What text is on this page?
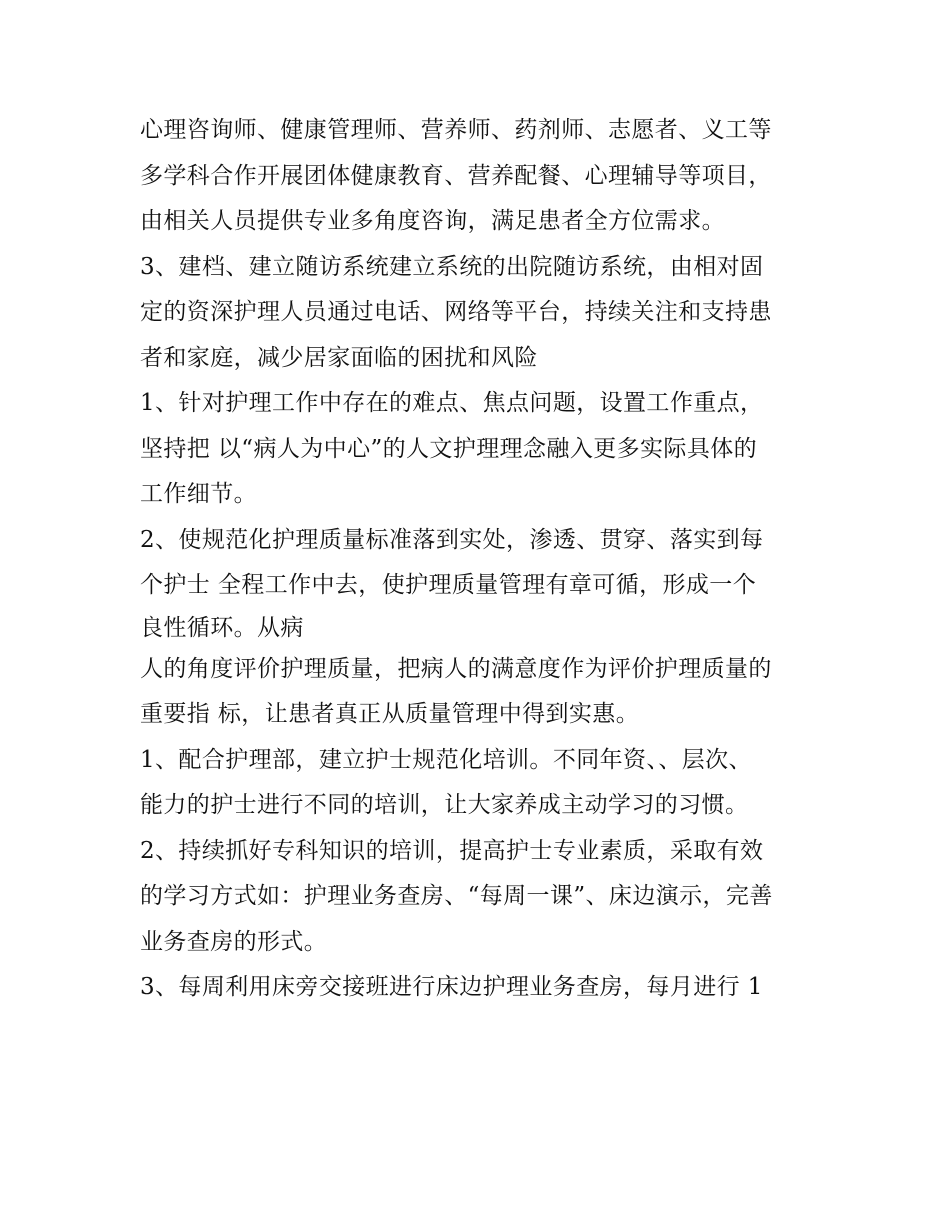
心理咨询师、健康管理师、营养师、药剂师、志愿者、义工等
多学科合作开展团体健康教育、营养配餐、心理辅导等项目，
由相关人员提供专业多角度咨询，满足患者全方位需求。
3、建档、建立随访系统建立系统的出院随访系统，由相对固
定的资深护理人员通过电话、网络等平台，持续关注和支持患
者和家庭，减少居家面临的困扰和风险
1、针对护理工作中存在的难点、焦点问题，设置工作重点，
坚持把 以“病人为中心”的人文护理理念融入更多实际具体的
工作细节。
2、使规范化护理质量标准落到实处，渗透、贯穿、落实到每
个护士 全程工作中去，使护理质量管理有章可循，形成一个
良性循环。从病
人的角度评价护理质量，把病人的满意度作为评价护理质量的
重要指 标，让患者真正从质量管理中得到实惠。
1、配合护理部，建立护士规范化培训。不同年资、、层次、
能力的护士进行不同的培训，让大家养成主动学习的习惯。
2、持续抓好专科知识的培训，提高护士专业素质，采取有效
的学习方式如：护理业务查房、“每周一课”、床边演示，完善
业务查房的形式。
3、每周利用床旁交接班进行床边护理业务查房，每月进行 1
